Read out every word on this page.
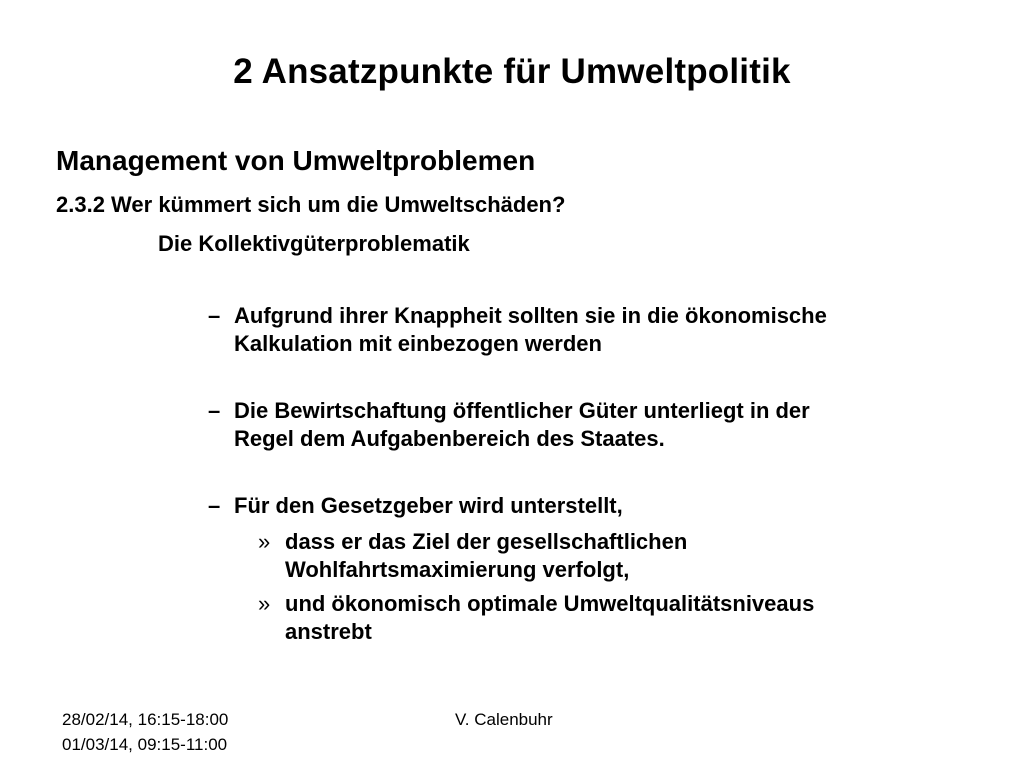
2 Ansatzpunkte für Umweltpolitik
Management von Umweltproblemen
2.3.2 Wer kümmert sich um die Umweltschäden?
Die Kollektivgüterproblematik
– Aufgrund ihrer Knappheit sollten sie in die ökonomische
Kalkulation mit einbezogen werden
– Die Bewirtschaftung öffentlicher Güter unterliegt in der
Regel dem Aufgabenbereich des Staates.
– Für den Gesetzgeber wird unterstellt,
» dass er das Ziel der gesellschaftlichen
Wohlfahrtsmaximierung verfolgt,
» und ökonomisch optimale Umweltqualitätsniveaus
anstrebt
28/02/14, 16:15-18:00
01/03/14, 09:15-11:00
V. Calenbuhr
